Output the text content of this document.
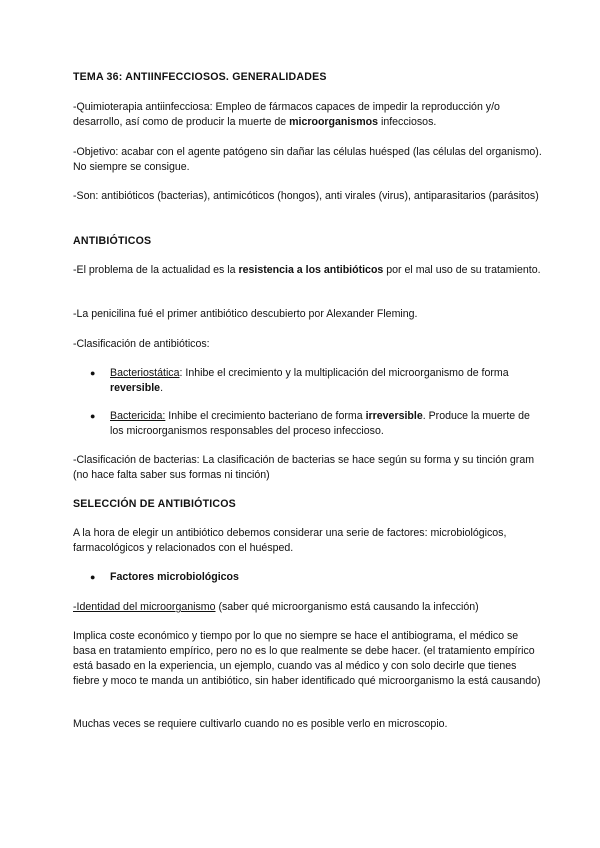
TEMA 36: ANTIINFECCIOSOS. GENERALIDADES

-Quimioterapia antiinfecciosa: Empleo de fármacos capaces de impedir la reproducción y/o desarrollo, así como de producir la muerte de microorganismos infecciosos.

-Objetivo: acabar con el agente patógeno sin dañar las células huésped (las células del organismo). No siempre se consigue.

-Son: antibióticos (bacterias), antimicóticos (hongos), anti virales (virus), antiparasitarios (parásitos)

ANTIBIÓTICOS

-El problema de la actualidad es la resistencia a los antibióticos por el mal uso de su tratamiento.

-La penicilina fué el primer antibiótico descubierto por Alexander Fleming.

-Clasificación de antibióticos:

● Bacteriostática: Inhibe el crecimiento y la multiplicación del microorganismo de forma reversible.
● Bactericida: Inhibe el crecimiento bacteriano de forma irreversible. Produce la muerte de los microorganismos responsables del proceso infeccioso.

-Clasificación de bacterias: La clasificación de bacterias se hace según su forma y su tinción gram (no hace falta saber sus formas ni tinción)

SELECCIÓN DE ANTIBIÓTICOS

A la hora de elegir un antibiótico debemos considerar una serie de factores: microbiológicos, farmacológicos y relacionados con el huésped.

● Factores microbiológicos

-Identidad del microorganismo (saber qué microorganismo está causando la infección)

Implica coste económico y tiempo por lo que no siempre se hace el antibiograma, el médico se basa en tratamiento empírico, pero no es lo que realmente se debe hacer. (el tratamiento empírico está basado en la experiencia, un ejemplo, cuando vas al médico y con solo decirle que tienes fiebre y moco te manda un antibiótico, sin haber identificado qué microorganismo la está causando)

Muchas veces se requiere cultivarlo cuando no es posible verlo en microscopio.
